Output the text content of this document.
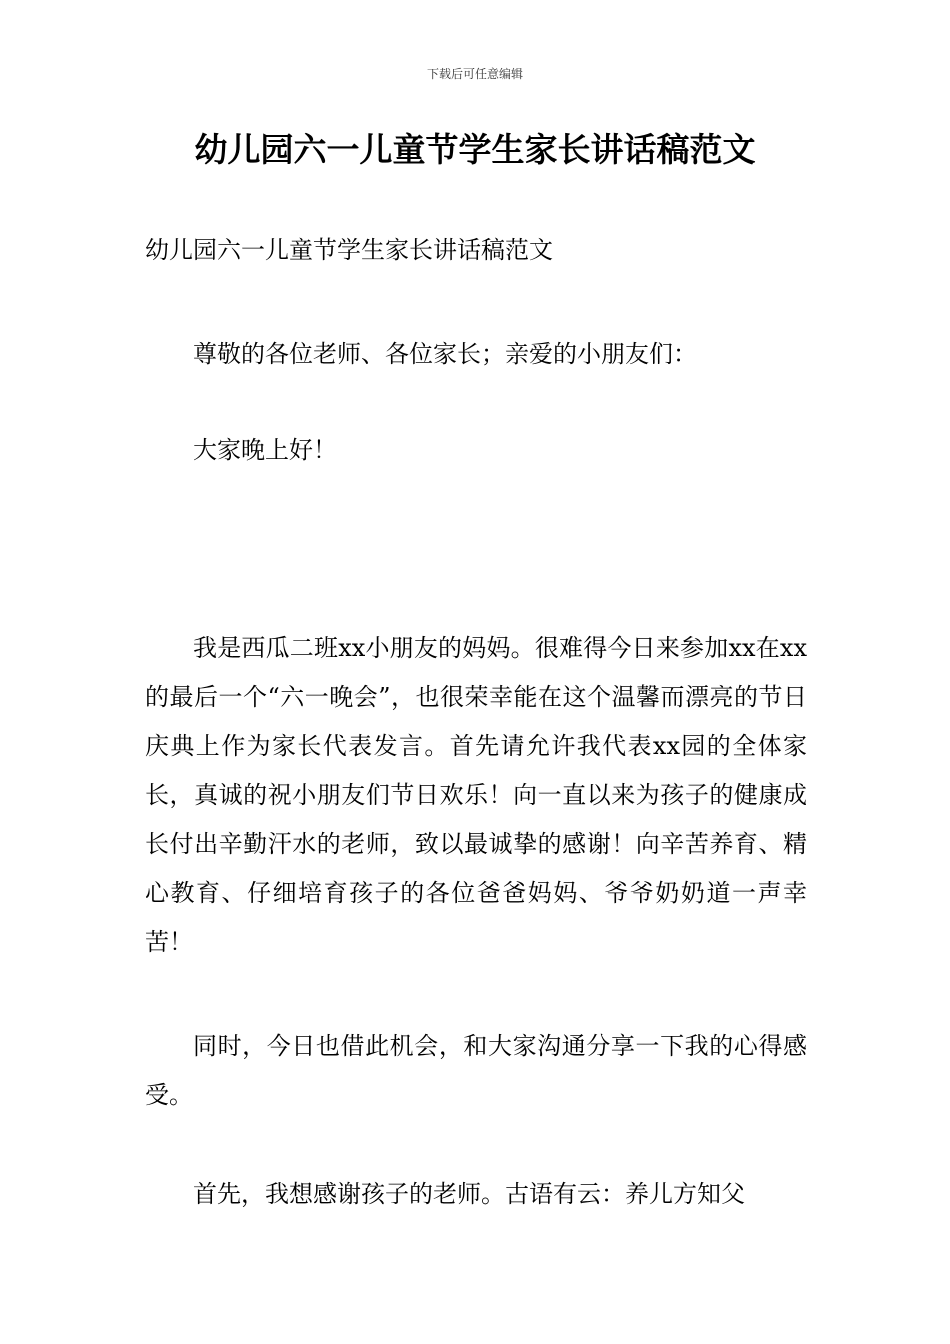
下载后可任意编辑
幼儿园六一儿童节学生家长讲话稿范文
幼儿园六一儿童节学生家长讲话稿范文

尊敬的各位老师、各位家长；亲爱的小朋友们：

大家晚上好！

我是西瓜二班xx小朋友的妈妈。很难得今日来参加xx在xx的最后一个“六一晚会”，也很荣幸能在这个温馨而漂亮的节日庆典上作为家长代表发言。首先请允许我代表xx园的全体家长，真诚的祝小朋友们节日欢乐！向一直以来为孩子的健康成长付出辛勤汗水的老师，致以最诚挚的感谢！向辛苦养育、精心教育、仔细培育孩子的各位爸爸妈妈、爷爷奶奶道一声幸苦！

同时，今日也借此机会，和大家沟通分享一下我的心得感受。

首先，我想感谢孩子的老师。古语有云：养儿方知父
